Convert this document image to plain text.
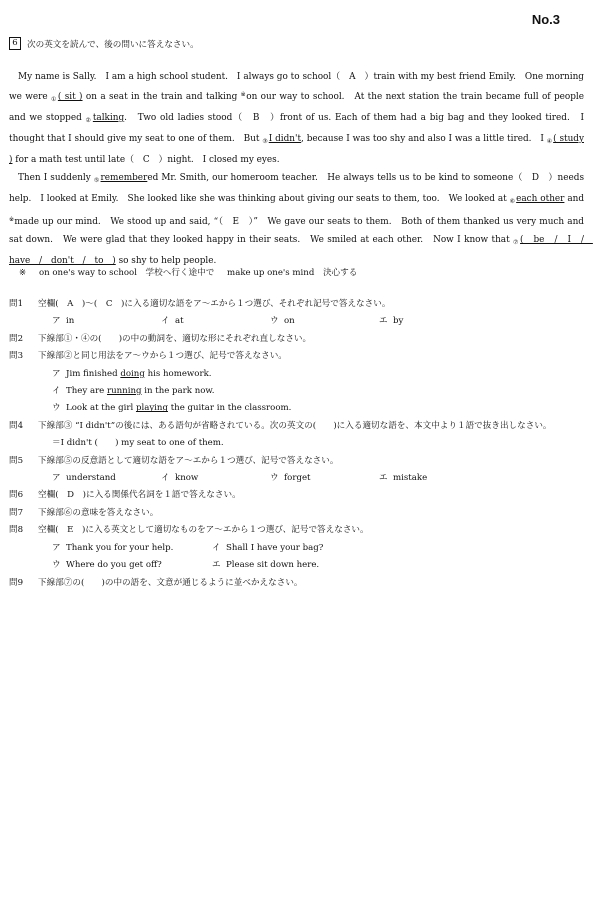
No.3
6	次の英文を読んで、後の問いに答えなさい。

My name is Sally.　I am a high school student.　I always go to school（　A　）train with my best friend Emily.　One morning we were $_①$( sit ) on a seat in the train and talking ※on our way to school.　At the next station the train became full of people and we stopped $_②$talking.　Two old ladies stood（　B　）front of us. Each of them had a big bag and they looked tired.　I thought that I should give my seat to one of them.　But $_③$I didn't, because I was too shy and also I was a little tired.　I $_④$( study ) for a math test until late（　C　）night.　I closed my eyes.

Then I suddenly $_⑤$remembered Mr. Smith, our homeroom teacher.　He always tells us to be kind to someone（　D　）needs help.　I looked at Emily.　She looked like she was thinking about giving our seats to them, too.　We looked at $_⑥$each other and ※made up our mind.　We stood up and said, “（　E　）”　We gave our seats to them.　Both of them thanked us very much and sat down.　We were glad that they looked happy in their seats.　We smiled at each other.　Now I know that $_⑦$(　be　/　I　/　have　/　don't　/　to　) so shy to help people.

※ on one's way to school　学校へ行く途中で make up one's mind　決心する
問1	空欄(　A　)～(　C　)に入る適切な語をア～エから１つ選び、それぞれ記号で答えなさい。
ア in	イ at	ウ on	エ by
問2	下線部①・④の(　　)の中の動詞を、適切な形にそれぞれ直しなさい。
問3	下線部②と同じ用法をア～ウから１つ選び、記号で答えなさい。
ア Jim finished
doing
his homework.
イ They are
running
in the park now.
ウ Look at the girl
playing
the guitar in the classroom.
問4	下線部③ “I didn't”の後には、ある語句が省略されている。次の英文の(　　)に入る適切な語を、本文中より１語で抜き出しなさい。
＝I didn't (　　) my seat to one of them.
問5	下線部⑤の反意語として適切な語をア～エから１つ選び、記号で答えなさい。
ア understand	イ know	ウ forget	エ mistake
問6	空欄(　D　)に入る関係代名詞を１語で答えなさい。
問7	下線部⑥の意味を答えなさい。
問8	空欄(　E　)に入る英文として適切なものをア～エから１つ選び、記号で答えなさい。
ア Thank you for your help.	イ Shall I have your bag?
ウ Where do you get off?	エ Please sit down here.
問9	下線部⑦の(　　)の中の語を、文意が通じるように並べかえなさい。
